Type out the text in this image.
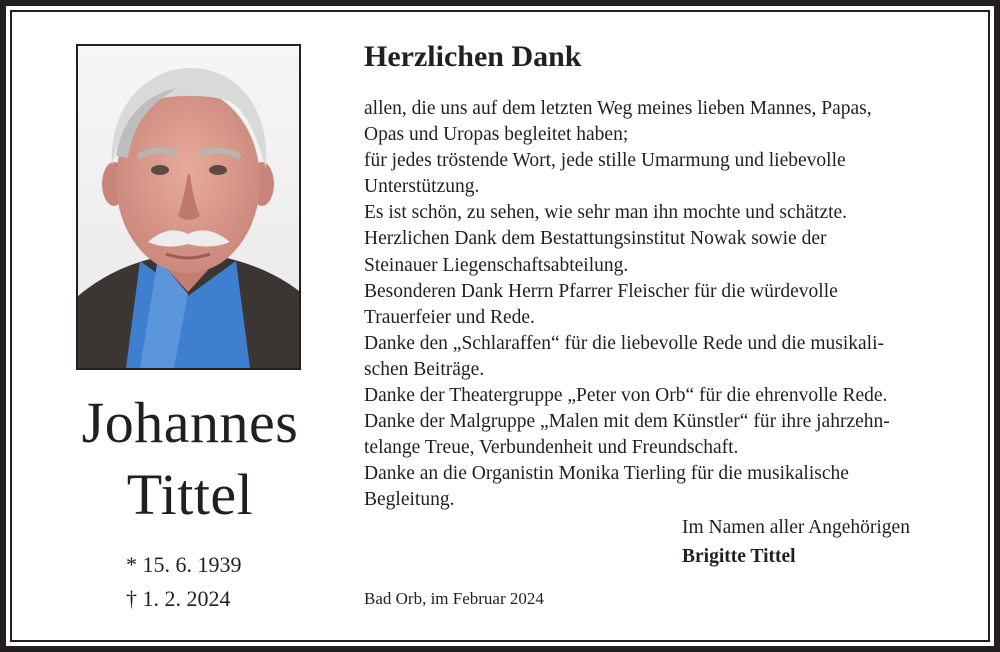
Johannes
Tittel
* 15. 6. 1939
† 1. 2. 2024
Herzlichen Dank
allen, die uns auf dem letzten Weg meines lieben Mannes, Papas,
Opas und Uropas begleitet haben;
für jedes tröstende Wort, jede stille Umarmung und liebevolle
Unterstützung.
Es ist schön, zu sehen, wie sehr man ihn mochte und schätzte.
Herzlichen Dank dem Bestattungsinstitut Nowak sowie der
Steinauer Liegenschaftsabteilung.
Besonderen Dank Herrn Pfarrer Fleischer für die würdevolle
Trauerfeier und Rede.
Danke den „Schlaraffen“ für die liebevolle Rede und die musikali-
schen Beiträge.
Danke der Theatergruppe „Peter von Orb“ für die ehrenvolle Rede.
Danke der Malgruppe „Malen mit dem Künstler“ für ihre jahrzehn-
telange Treue, Verbundenheit und Freundschaft.
Danke an die Organistin Monika Tierling für die musikalische
Begleitung.
Im Namen aller Angehörigen
Brigitte Tittel
Bad Orb, im Februar 2024
